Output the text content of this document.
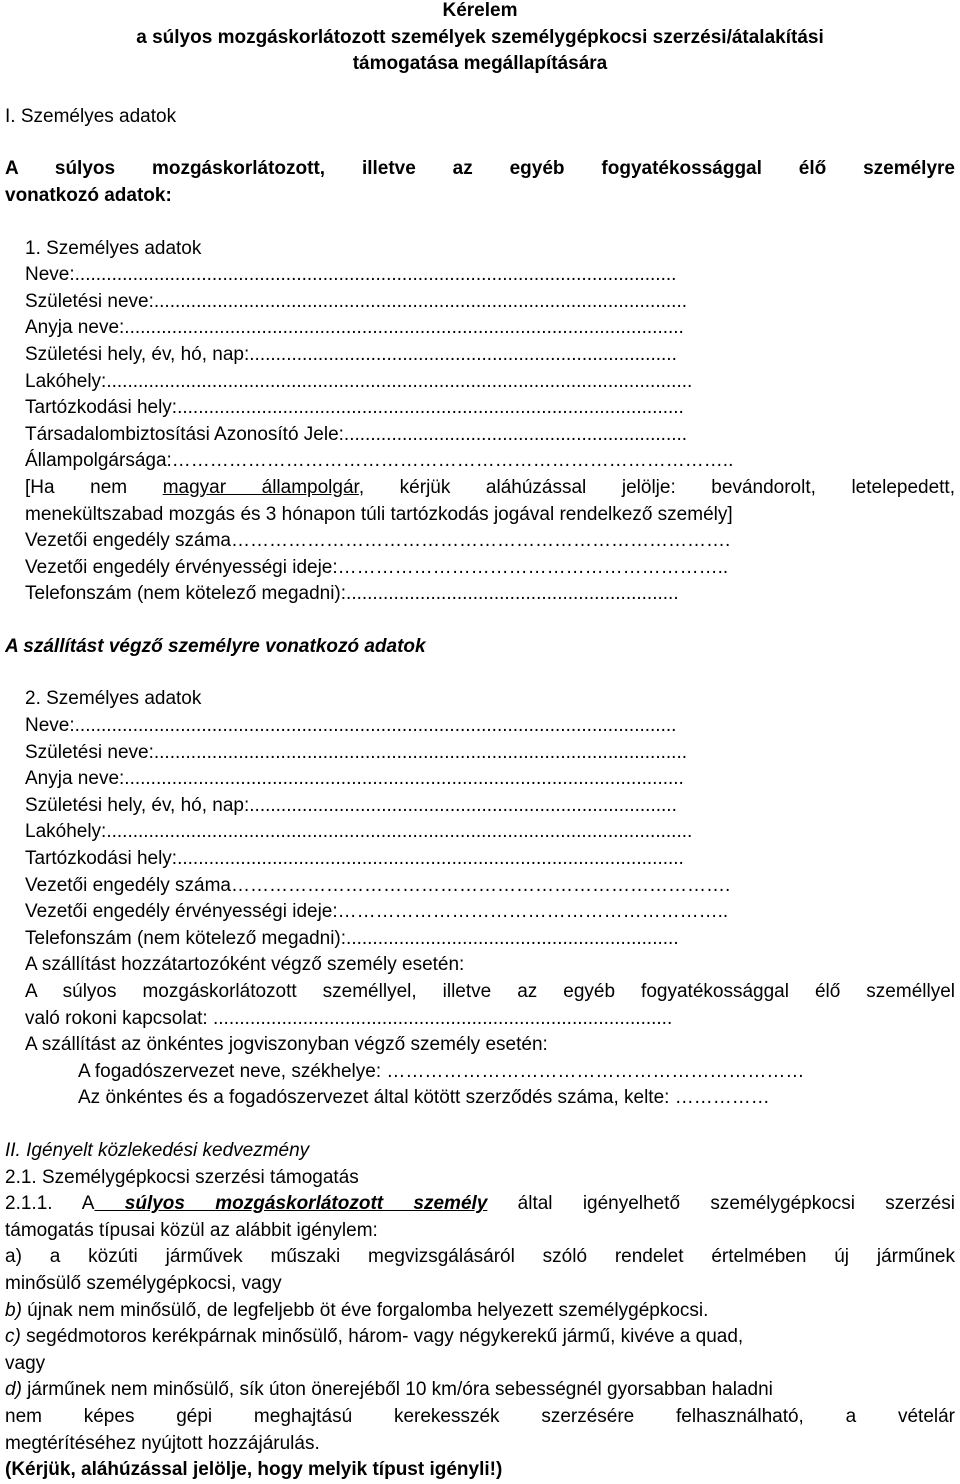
Kérelem
a súlyos mozgáskorlátozott személyek személygépkocsi szerzési/átalakítási
támogatása megállapítására
I. Személyes adatok
A súlyos mozgáskorlátozott, illetve az egyéb fogyatékossággal élő személyre
vonatkozó adatok:
1. Személyes adatok
Neve:..................................................................................................................
Születési neve:.....................................................................................................
Anyja neve:..........................................................................................................
Születési hely, év, hó, nap:.................................................................................
Lakóhely:...............................................................................................................
Tartózkodási hely:................................................................................................
Társadalombiztosítási Azonosító Jele:.................................................................
Állampolgársága:……………………………………………………………………………..
[Ha nem magyar állampolgár, kérjük aláhúzással jelölje: bevándorolt, letelepedett,
menekültszabad mozgás és 3 hónapon túli tartózkodás jogával rendelkező személy]
Vezetői engedély száma…………………………………………………………………….
Vezetői engedély érvényességi ideje:……………………………………………………..
Telefonszám (nem kötelező megadni):...............................................................
A szállítást végző személyre vonatkozó adatok
2. Személyes adatok
Neve:..................................................................................................................
Születési neve:.....................................................................................................
Anyja neve:..........................................................................................................
Születési hely, év, hó, nap:.................................................................................
Lakóhely:...............................................................................................................
Tartózkodási hely:................................................................................................
Vezetői engedély száma…………………………………………………………………….
Vezetői engedély érvényességi ideje:……………………………………………………..
Telefonszám (nem kötelező megadni):...............................................................
A szállítást hozzátartozóként végző személy esetén:
A súlyos mozgáskorlátozott személlyel, illetve az egyéb fogyatékossággal élő személlyel
való rokoni kapcsolat: .......................................................................................
A szállítást az önkéntes jogviszonyban végző személy esetén:
A fogadószervezet neve, székhelye: …………………………………………………………
Az önkéntes és a fogadószervezet által kötött szerződés száma, kelte: ……………
II. Igényelt közlekedési kedvezmény
2.1. Személygépkocsi szerzési támogatás
2.1.1. A súlyos mozgáskorlátozott személy által igényelhető személygépkocsi szerzési
támogatás típusai közül az alábbit igénylem:
a) a közúti járművek műszaki megvizsgálásáról szóló rendelet értelmében új járműnek
minősülő személygépkocsi, vagy
b) újnak nem minősülő, de legfeljebb öt éve forgalomba helyezett személygépkocsi.
c) segédmotoros kerékpárnak minősülő, három- vagy négykerekű jármű, kivéve a quad,
vagy
d) járműnek nem minősülő, sík úton önerejéből 10 km/óra sebességnél gyorsabban haladni
nem képes gépi meghajtású kerekesszék szerzésére felhasználható, a vételár
megtérítéséhez nyújtott hozzájárulás.
(Kérjük, aláhúzással jelölje, hogy melyik típust igényli!)
